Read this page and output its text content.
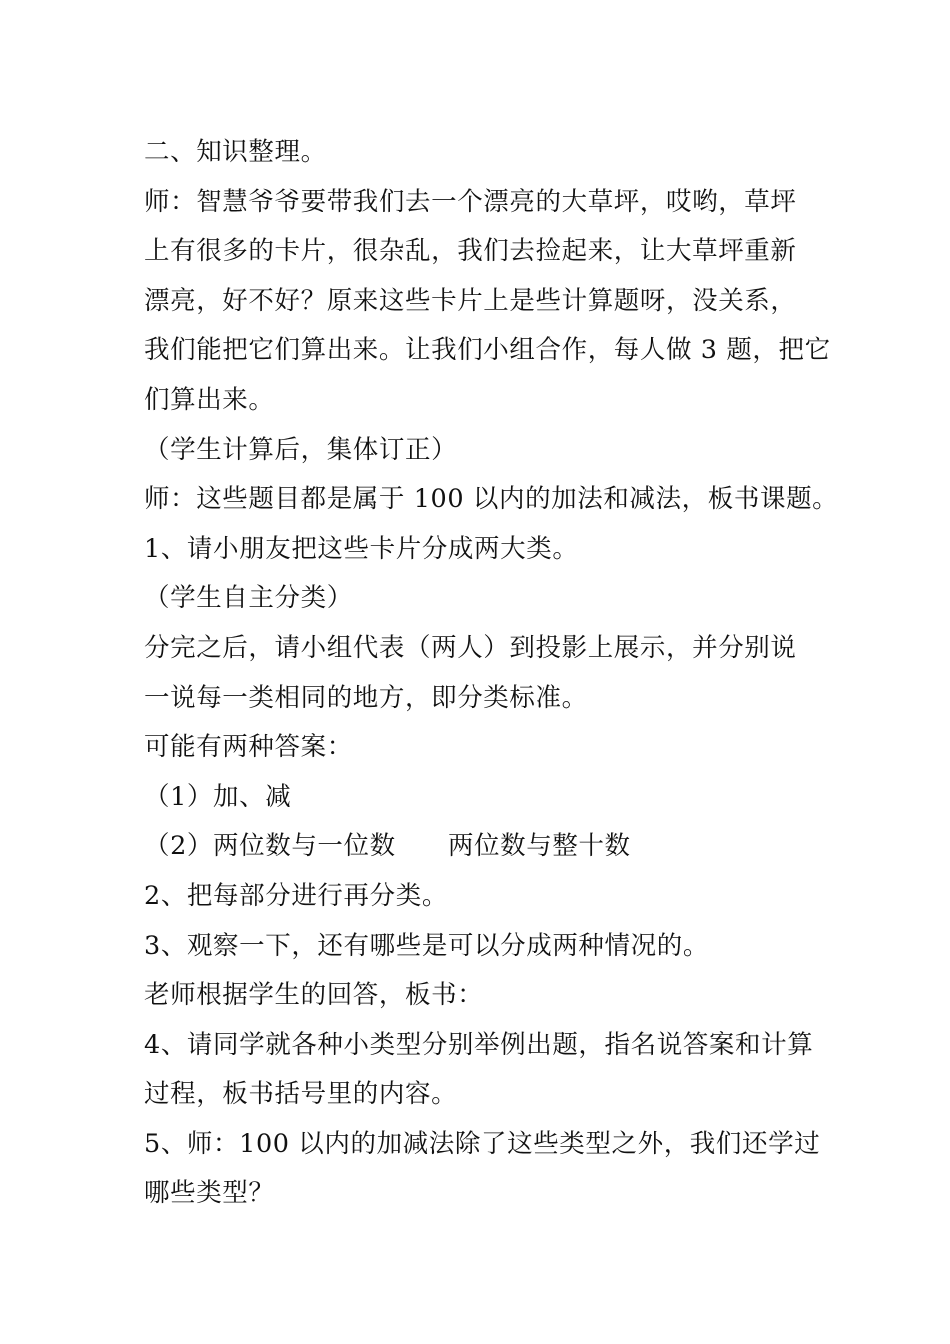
二、知识整理。
师：智慧爷爷要带我们去一个漂亮的大草坪，哎哟，草坪
上有很多的卡片，很杂乱，我们去捡起来，让大草坪重新
漂亮，好不好？原来这些卡片上是些计算题呀，没关系，
我们能把它们算出来。让我们小组合作，每人做 3 题，把它
们算出来。
（学生计算后，集体订正）
师：这些题目都是属于 100 以内的加法和减法，板书课题。
1、请小朋友把这些卡片分成两大类。
（学生自主分类）
分完之后，请小组代表（两人）到投影上展示，并分别说
一说每一类相同的地方，即分类标准。
可能有两种答案：
（1）加、减
（2）两位数与一位数      两位数与整十数
2、把每部分进行再分类。
3、观察一下，还有哪些是可以分成两种情况的。
老师根据学生的回答，板书：
4、请同学就各种小类型分别举例出题，指名说答案和计算
过程，板书括号里的内容。
5、师：100 以内的加减法除了这些类型之外，我们还学过
哪些类型？
